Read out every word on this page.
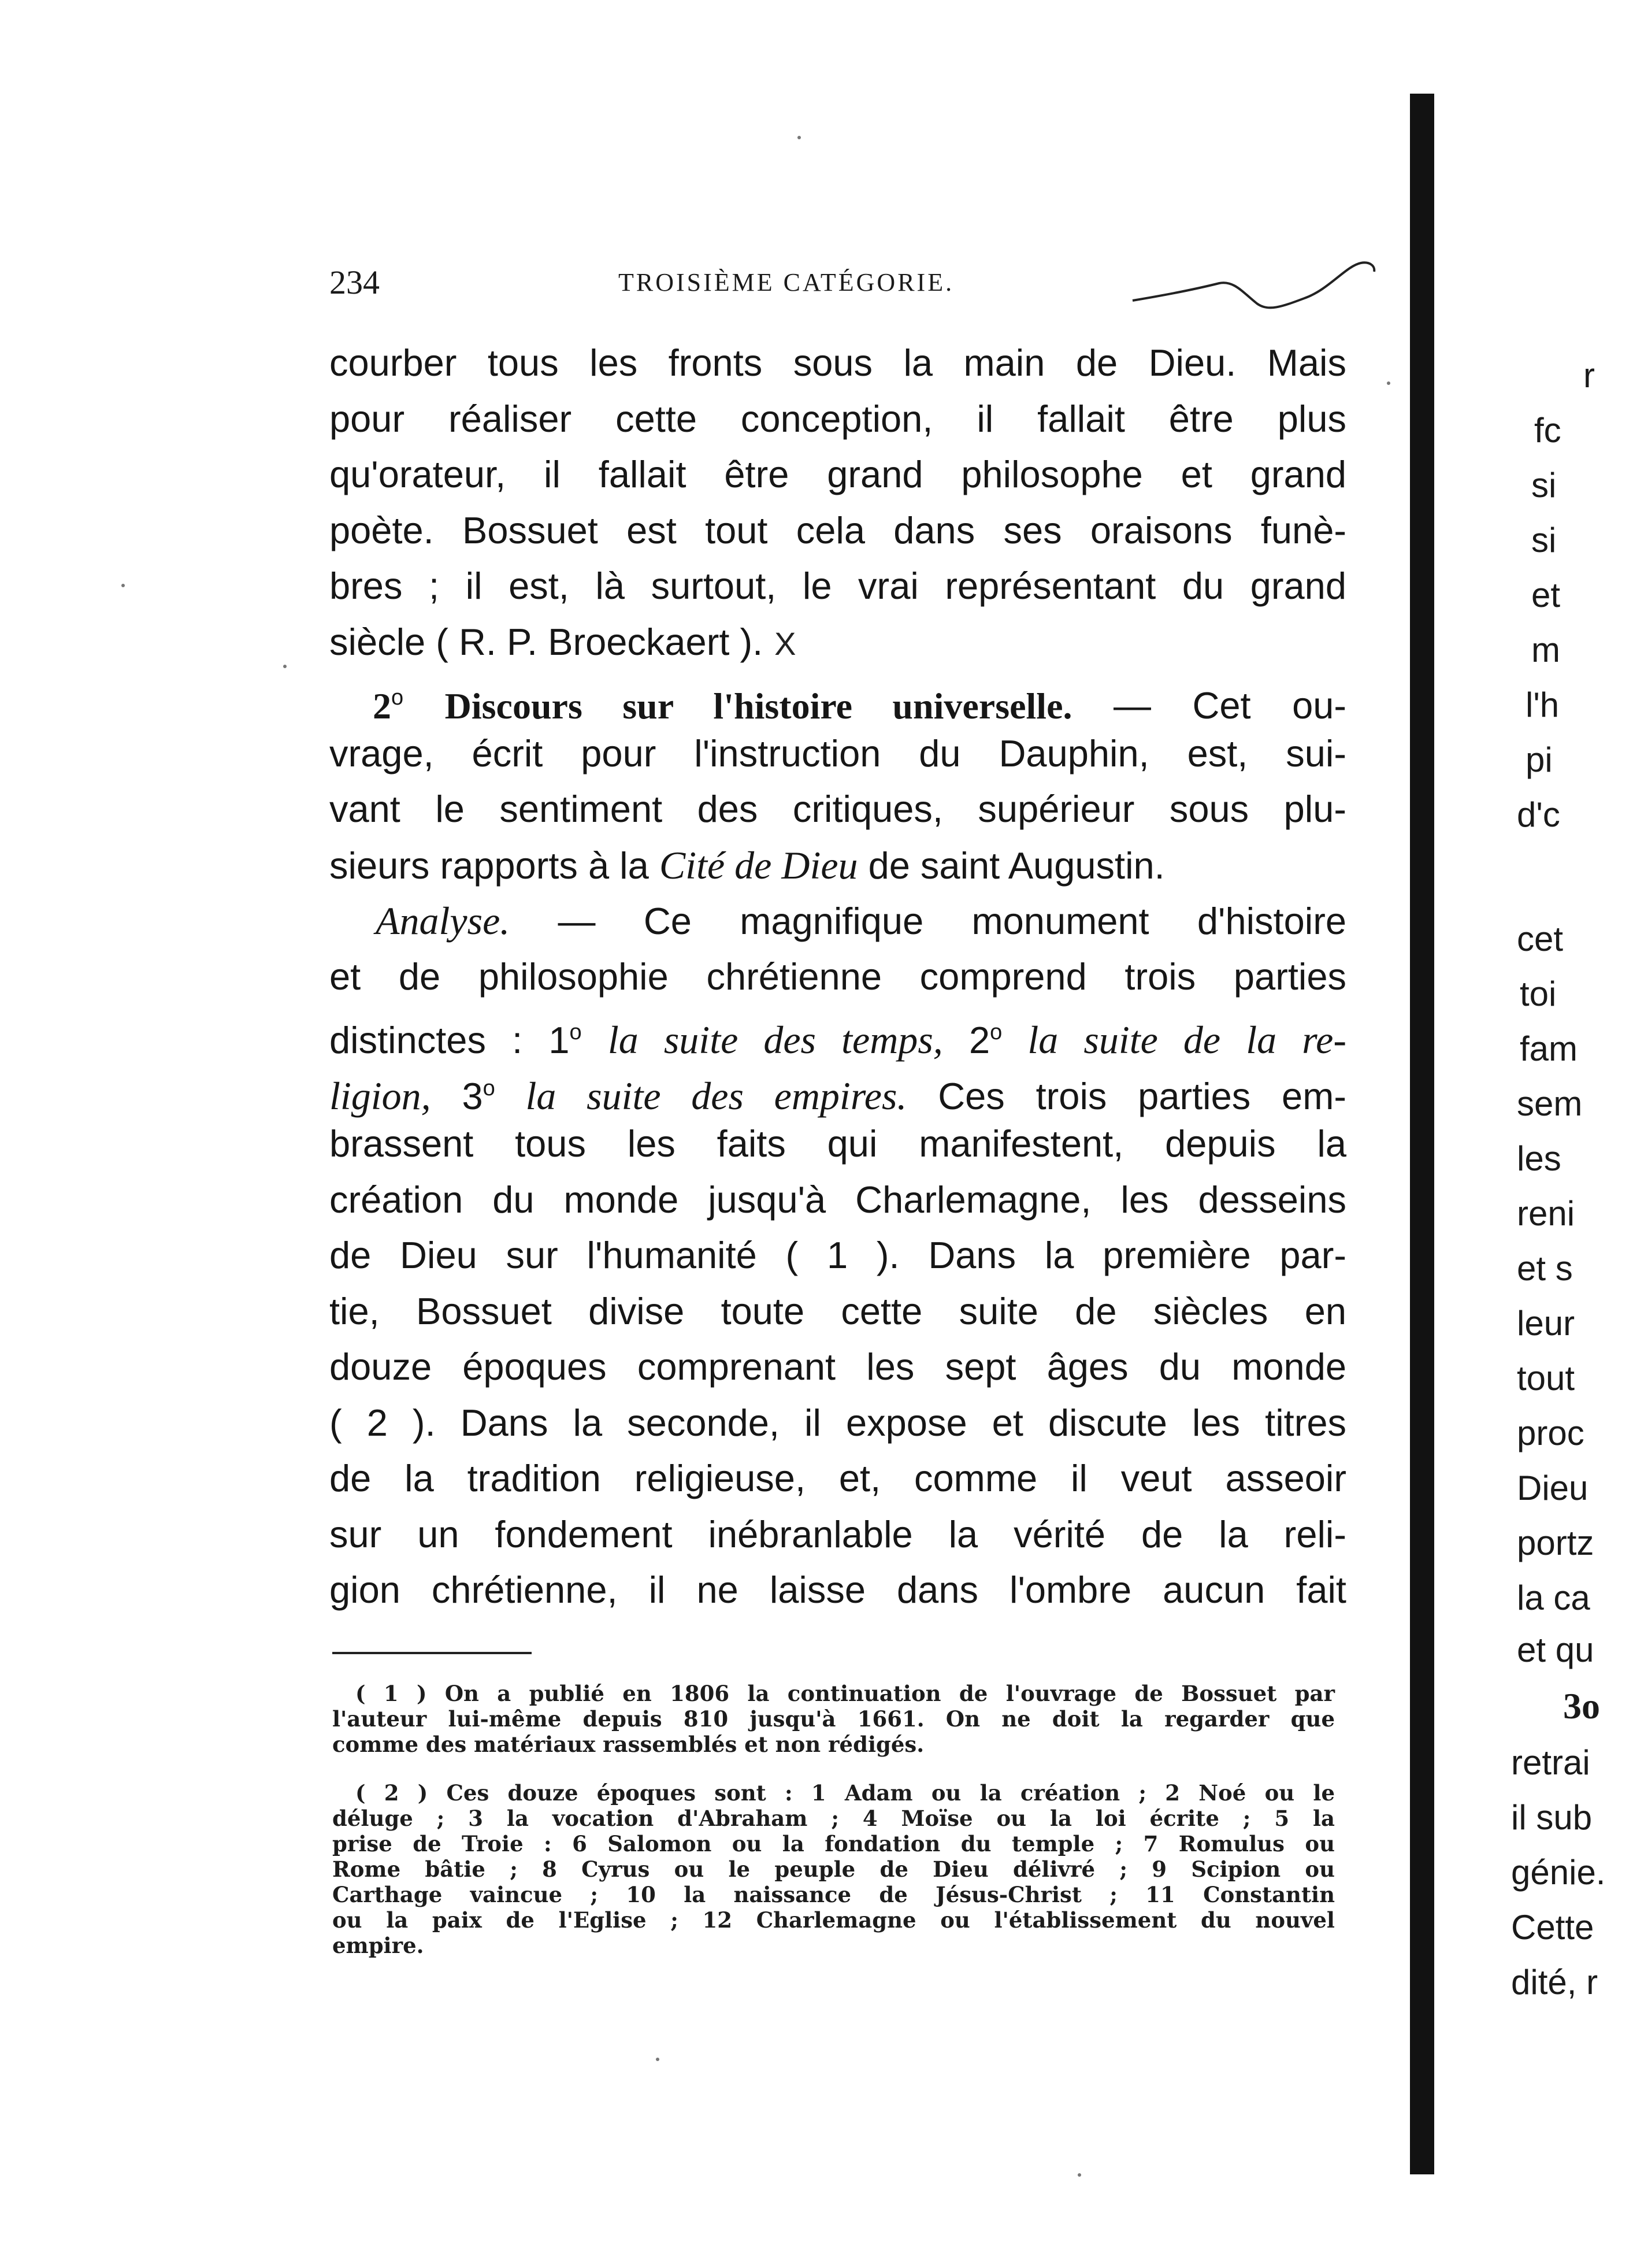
234	TROISIÈME CATÉGORIE.
courber tous les fronts sous la main de Dieu. Mais
pour réaliser cette conception, il fallait être plus
qu'orateur, il fallait être grand philosophe et grand
poète. Bossuet est tout cela dans ses oraisons funè-
bres ; il est, là surtout, le vrai représentant du grand
siècle ( R. P. Broeckaert ). X
2$^o$ Discours sur l'histoire universelle. — Cet ou-
vrage, écrit pour l'instruction du Dauphin, est, sui-
vant le sentiment des critiques, supérieur sous plu-
sieurs rapports à la Cité de Dieu de saint Augustin.
Analyse. — Ce magnifique monument d'histoire
et de philosophie chrétienne comprend trois parties
distinctes : 1$^o$ la suite des temps, 2$^o$ la suite de la re-
ligion, 3$^o$ la suite des empires. Ces trois parties em-
brassent tous les faits qui manifestent, depuis la
création du monde jusqu'à Charlemagne, les desseins
de Dieu sur l'humanité ( 1 ). Dans la première par-
tie, Bossuet divise toute cette suite de siècles en
douze époques comprenant les sept âges du monde
( 2 ). Dans la seconde, il expose et discute les titres
de la tradition religieuse, et, comme il veut asseoir
sur un fondement inébranlable la vérité de la reli-
gion chrétienne, il ne laisse dans l'ombre aucun fait
( 1 ) On a publié en 1806 la continuation de l'ouvrage de Bossuet par
l'auteur lui-même depuis 810 jusqu'à 1661. On ne doit la regarder que
comme des matériaux rassemblés et non rédigés.
( 2 ) Ces douze époques sont : 1 Adam ou la création ; 2 Noé ou le
déluge ; 3 la vocation d'Abraham ; 4 Moïse ou la loi écrite ; 5 la
prise de Troie : 6 Salomon ou la fondation du temple ; 7 Romulus ou
Rome bâtie ; 8 Cyrus ou le peuple de Dieu délivré ; 9 Scipion ou
Carthage vaincue ; 10 la naissance de Jésus-Christ ; 11 Constantin
ou la paix de l'Eglise ; 12 Charlemagne ou l'établissement du nouvel
empire.
r
fc
si
si
et
m
l'h
pi
d'c
cet
toi
fam
sem
les
reni
et s
leur
tout
proc
Dieu
portz
la ca
et qu
3o
retrai
il sub
génie.
Cette
dité, r
